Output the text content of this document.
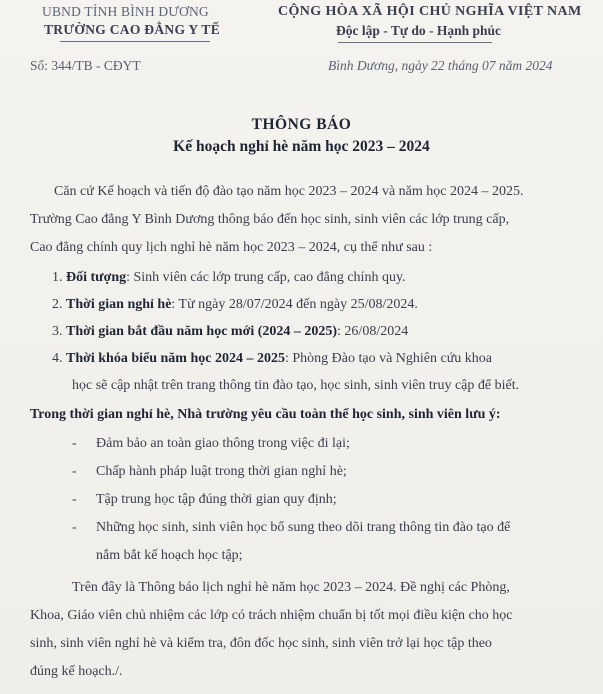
UBND TỈNH BÌNH DƯƠNG
TRƯỜNG CAO ĐẲNG Y TẾ
CỘNG HÒA XÃ HỘI CHỦ NGHĨA VIỆT NAM
Độc lập - Tự do - Hạnh phúc
Số: 344/TB - CĐYT	Bình Dương, ngày 22 tháng 07 năm 2024
THÔNG BÁO
Kế hoạch nghỉ hè năm học 2023 – 2024
Căn cứ Kế hoạch và tiến độ đào tạo năm học 2023 – 2024 và năm học 2024 – 2025.
Trường Cao đẳng Y Bình Dương thông báo đến học sinh, sinh viên các lớp trung cấp,
Cao đẳng chính quy lịch nghỉ hè năm học 2023 – 2024, cụ thể như sau :
1. Đối tượng: Sinh viên các lớp trung cấp, cao đẳng chính quy.
2. Thời gian nghỉ hè: Từ ngày 28/07/2024 đến ngày 25/08/2024.
3. Thời gian bắt đầu năm học mới (2024 – 2025): 26/08/2024
4. Thời khóa biểu năm học 2024 – 2025: Phòng Đào tạo và Nghiên cứu khoa
học sẽ cập nhật trên trang thông tin đào tạo, học sinh, sinh viên truy cập để biết.
Trong thời gian nghỉ hè, Nhà trường yêu cầu toàn thể học sinh, sinh viên lưu ý:
- Đảm bảo an toàn giao thông trong việc đi lại;
- Chấp hành pháp luật trong thời gian nghỉ hè;
- Tập trung học tập đúng thời gian quy định;
- Những học sinh, sinh viên học bổ sung theo dõi trang thông tin đào tạo để
nắm bắt kế hoạch học tập;
Trên đây là Thông báo lịch nghỉ hè năm học 2023 – 2024. Đề nghị các Phòng,
Khoa, Giáo viên chủ nhiệm các lớp có trách nhiệm chuẩn bị tốt mọi điều kiện cho học
sinh, sinh viên nghỉ hè và kiểm tra, đôn đốc học sinh, sinh viên trở lại học tập theo
đúng kế hoạch./.
